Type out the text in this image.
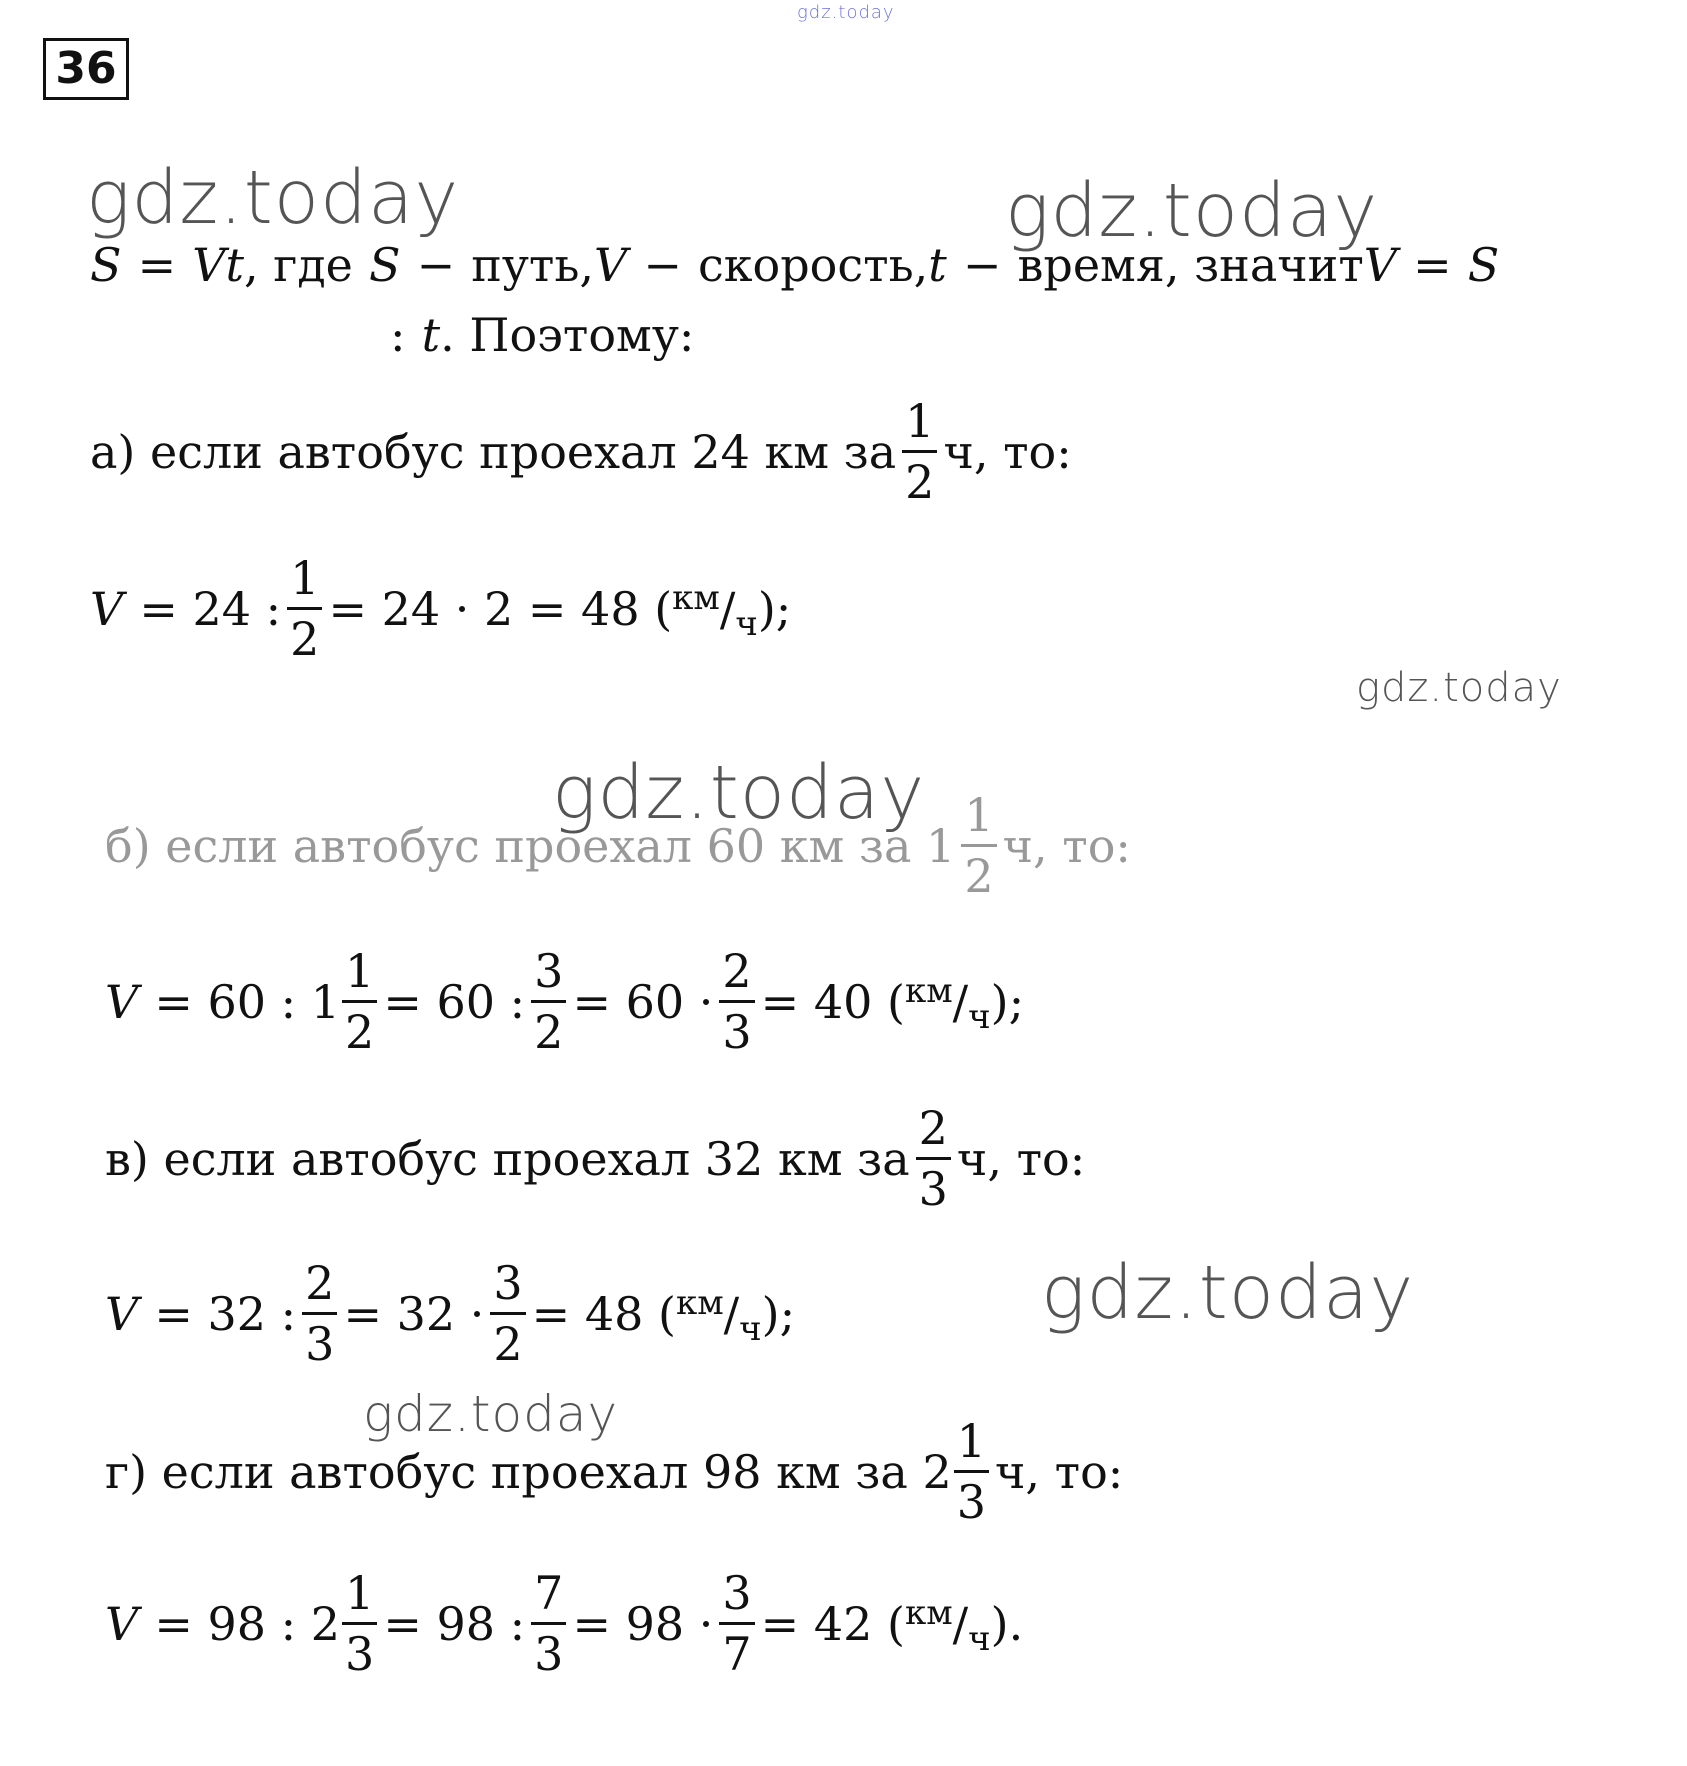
gdz.today
gdz.today	gdz.today
gdz.today
gdz.today
gdz.today
gdz.today
36
S = Vt , где S − путь, V − скорость, t − время, значит V = S
: t . Поэтому:
а) если автобус проехал 24 км за $\frac{1}{2} ч$, то:
V = 24 : $\frac{1}{2} = 24 \cdot 2 = 48$ ($^{км}$ $/_ч$ );
б) если автобус проехал 60 км за $1 \frac{1}{2} ч$, то:
V = 60 : $1 \frac{1}{2} = 60$ : $\frac{3}{2} = 60 \cdot \frac{2}{3} = 40$ ($^{км}$ $/_ч$ );
в) если автобус проехал 32 км за $\frac{2}{3} ч$, то:
V = 32 : $\frac{2}{3} = 32 \cdot \frac{3}{2} = 48$ ($^{км}$ $/_ч$ );
г) если автобус проехал 98 км за $2 \frac{1}{3} ч$, то:
V = 98 : $2 \frac{1}{3} = 98$ : $\frac{7}{3} = 98 \cdot \frac{3}{7} = 42$ ($^{км}$ $/_ч$ ).
